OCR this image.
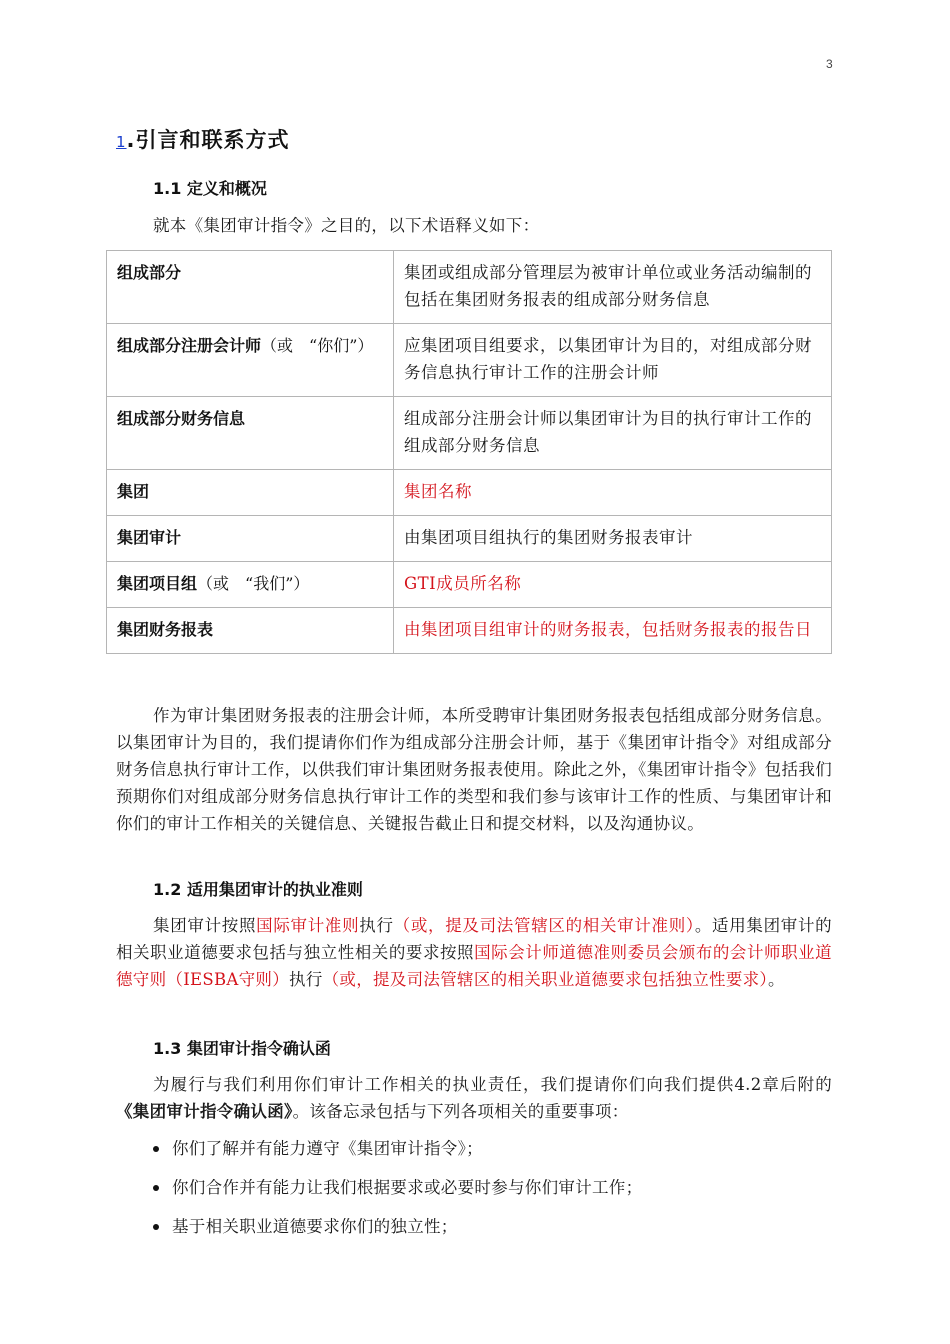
3
1.引言和联系方式
1.1 定义和概况

就本《集团审计指令》之目的，以下术语释义如下：

组成部分	集团或组成部分管理层为被审计单位或业务活动编制的包括在集团财务报表的组成部分财务信息
组成部分注册会计师（或　“你们”）	应集团项目组要求，以集团审计为目的，对组成部分财务信息执行审计工作的注册会计师
组成部分财务信息	组成部分注册会计师以集团审计为目的执行审计工作的组成部分财务信息
集团	集团名称
集团审计	由集团项目组执行的集团财务报表审计
集团项目组（或　“我们”）	GTI成员所名称
集团财务报表	由集团项目组审计的财务报表，包括财务报表的报告日

作为审计集团财务报表的注册会计师，本所受聘审计集团财务报表包括组成部分财务信息。以集团审计为目的，我们提请你们作为组成部分注册会计师，基于《集团审计指令》对组成部分财务信息执行审计工作，以供我们审计集团财务报表使用。除此之外，《集团审计指令》包括我们预期你们对组成部分财务信息执行审计工作的类型和我们参与该审计工作的性质、与集团审计和你们的审计工作相关的关键信息、关键报告截止日和提交材料，以及沟通协议。

1.2 适用集团审计的执业准则

集团审计按照国际审计准则执行（或，提及司法管辖区的相关审计准则）。适用集团审计的相关职业道德要求包括与独立性相关的要求按照国际会计师道德准则委员会颁布的会计师职业道德守则（IESBA守则）执行（或，提及司法管辖区的相关职业道德要求包括独立性要求）。

1.3 集团审计指令确认函

为履行与我们利用你们审计工作相关的执业责任，我们提请你们向我们提供4.2章后附的《集团审计指令确认函》。该备忘录包括与下列各项相关的重要事项：

你们了解并有能力遵守《集团审计指令》；
你们合作并有能力让我们根据要求或必要时参与你们审计工作；
基于相关职业道德要求你们的独立性；
